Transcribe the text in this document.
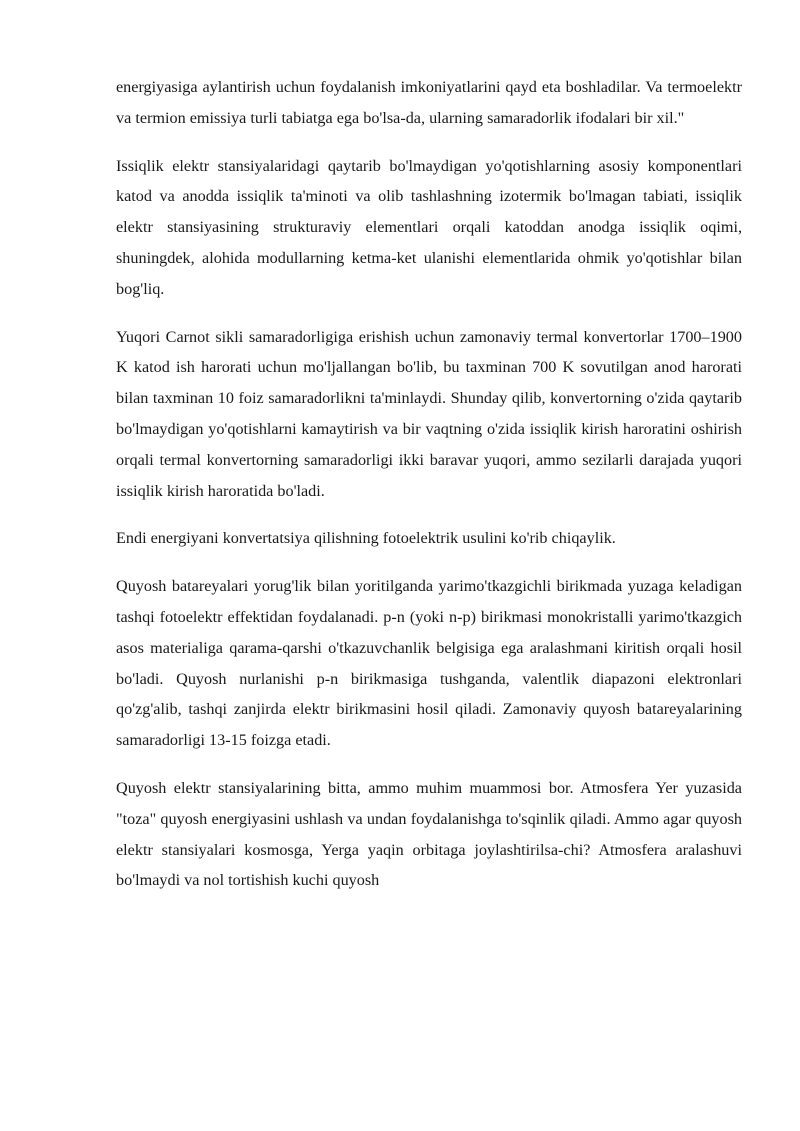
energiyasiga aylantirish uchun foydalanish imkoniyatlarini qayd eta boshladilar. Va termoelektr va termion emissiya turli tabiatga ega bo'lsa-da, ularning samaradorlik ifodalari bir xil."

Issiqlik elektr stansiyalaridagi qaytarib bo'lmaydigan yo'qotishlarning asosiy komponentlari katod va anodda issiqlik ta'minoti va olib tashlashning izotermik bo'lmagan tabiati, issiqlik elektr stansiyasining strukturaviy elementlari orqali katoddan anodga issiqlik oqimi, shuningdek, alohida modullarning ketma-ket ulanishi elementlarida ohmik yo'qotishlar bilan bog'liq.

Yuqori Carnot sikli samaradorligiga erishish uchun zamonaviy termal konvertorlar 1700–1900 K katod ish harorati uchun mo'ljallangan bo'lib, bu taxminan 700 K sovutilgan anod harorati bilan taxminan 10 foiz samaradorlikni ta'minlaydi. Shunday qilib, konvertorning o'zida qaytarib bo'lmaydigan yo'qotishlarni kamaytirish va bir vaqtning o'zida issiqlik kirish haroratini oshirish orqali termal konvertorning samaradorligi ikki baravar yuqori, ammo sezilarli darajada yuqori issiqlik kirish haroratida bo'ladi.

Endi energiyani konvertatsiya qilishning fotoelektrik usulini ko'rib chiqaylik.

Quyosh batareyalari yorug'lik bilan yoritilganda yarimo'tkazgichli birikmada yuzaga keladigan tashqi fotoelektr effektidan foydalanadi. p-n (yoki n-p) birikmasi monokristalli yarimo'tkazgich asos materialiga qarama-qarshi o'tkazuvchanlik belgisiga ega aralashmani kiritish orqali hosil bo'ladi. Quyosh nurlanishi p-n birikmasiga tushganda, valentlik diapazoni elektronlari qo'zg'alib, tashqi zanjirda elektr birikmasini hosil qiladi. Zamonaviy quyosh batareyalarining samaradorligi 13-15 foizga etadi.

Quyosh elektr stansiyalarining bitta, ammo muhim muammosi bor. Atmosfera Yer yuzasida "toza" quyosh energiyasini ushlash va undan foydalanishga to'sqinlik qiladi. Ammo agar quyosh elektr stansiyalari kosmosga, Yerga yaqin orbitaga joylashtirilsa-chi? Atmosfera aralashuvi bo'lmaydi va nol tortishish kuchi quyosh
